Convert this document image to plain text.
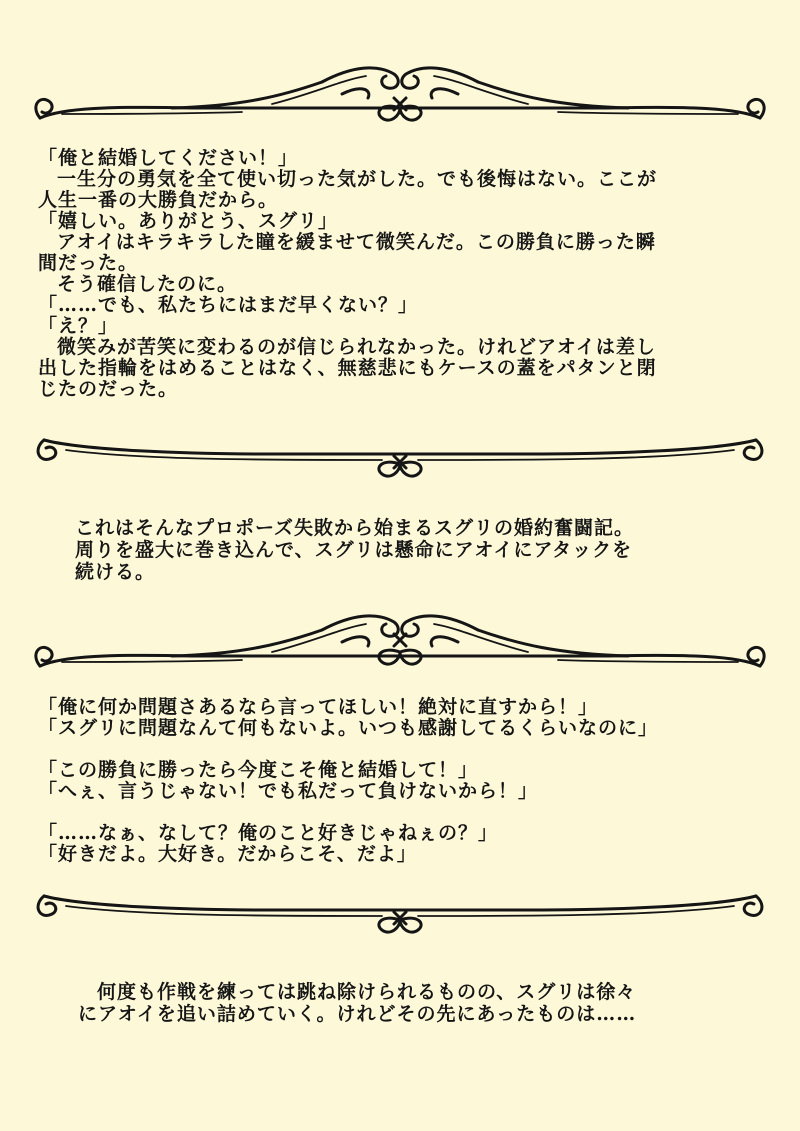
「俺と結婚してください！」
一生分の勇気を全て使い切った気がした。でも後悔はない。ここが
人生一番の大勝負だから。
「嬉しい。ありがとう、スグリ」
アオイはキラキラした瞳を緩ませて微笑んだ。この勝負に勝った瞬
間だった。
そう確信したのに。
「……でも、私たちにはまだ早くない？」
「え？」
微笑みが苦笑に変わるのが信じられなかった。けれどアオイは差し
出した指輪をはめることはなく、無慈悲にもケースの蓋をパタンと閉
じたのだった。
これはそんなプロポーズ失敗から始まるスグリの婚約奮闘記。
周りを盛大に巻き込んで、スグリは懸命にアオイにアタックを
続ける。
「俺に何か問題さあるなら言ってほしい！絶対に直すから！」
「スグリに問題なんて何もないよ。いつも感謝してるくらいなのに」
「この勝負に勝ったら今度こそ俺と結婚して！」
「へぇ、言うじゃない！でも私だって負けないから！」
「……なぁ、なして？俺のこと好きじゃねぇの？」
「好きだよ。大好き。だからこそ、だよ」
何度も作戦を練っては跳ね除けられるものの、スグリは徐々
にアオイを追い詰めていく。けれどその先にあったものは……
